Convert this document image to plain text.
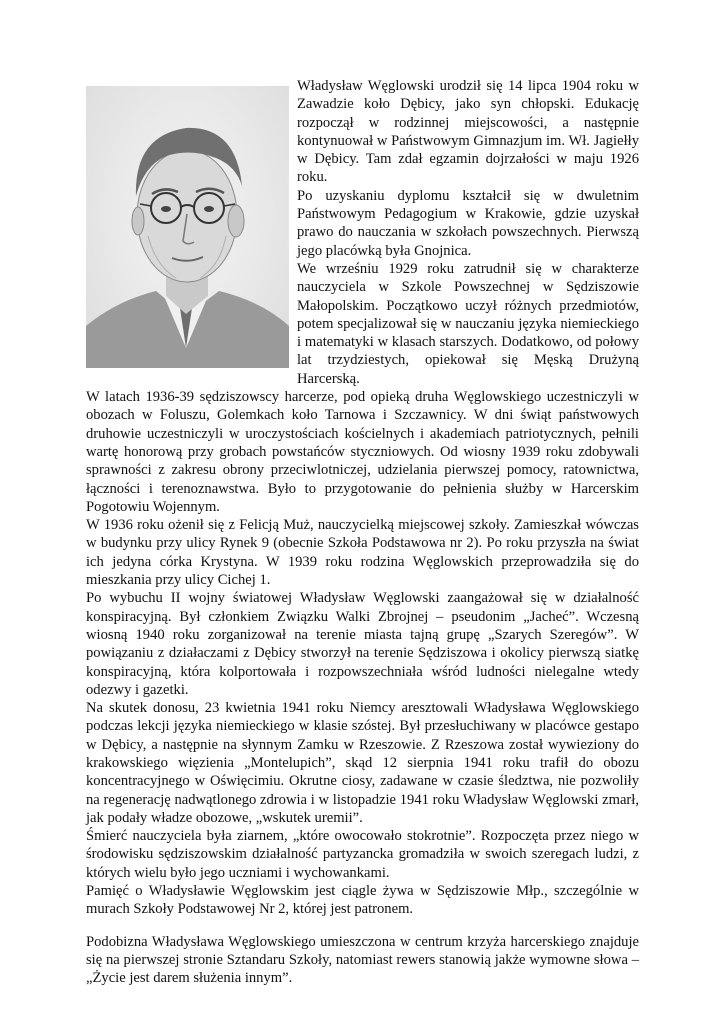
Władysław Węglowski urodził się 14 lipca 1904 roku w Zawadzie koło Dębicy, jako syn chłopski. Edukację rozpoczął w rodzinnej miejscowości, a następnie kontynuował w Państwowym Gimnazjum im. Wł. Jagiełły w Dębicy. Tam zdał egzamin dojrzałości w maju 1926 roku.

Po uzyskaniu dyplomu kształcił się w dwuletnim Państwowym Pedagogium w Krakowie, gdzie uzyskał prawo do nauczania w szkołach powszechnych. Pierwszą jego placówką była Gnojnica.

We wrześniu 1929 roku zatrudnił się w charakterze nauczyciela w Szkole Powszechnej w Sędziszowie Małopolskim. Początkowo uczył różnych przedmiotów, potem specjalizował się w nauczaniu języka niemieckiego i matematyki w klasach starszych. Dodatkowo, od połowy lat trzydziestych, opiekował się Męską Drużyną Harcerską.

W latach 1936-39 sędziszowscy harcerze, pod opieką druha Węglowskiego uczestniczyli w obozach w Foluszu, Golemkach koło Tarnowa i Szczawnicy. W dni świąt państwowych druhowie uczestniczyli w uroczystościach kościelnych i akademiach patriotycznych, pełnili wartę honorową przy grobach powstańców styczniowych. Od wiosny 1939 roku zdobywali sprawności z zakresu obrony przeciwlotniczej, udzielania pierwszej pomocy, ratownictwa, łączności i terenoznawstwa. Było to przygotowanie do pełnienia służby w Harcerskim Pogotowiu Wojennym.

W 1936 roku ożenił się z Felicją Muż, nauczycielką miejscowej szkoły. Zamieszkał wówczas w budynku przy ulicy Rynek 9 (obecnie Szkoła Podstawowa nr 2). Po roku przyszła na świat ich jedyna córka Krystyna. W 1939 roku rodzina Węglowskich przeprowadziła się do mieszkania przy ulicy Cichej 1.

Po wybuchu II wojny światowej Władysław Węglowski zaangażował się w działalność konspiracyjną. Był członkiem Związku Walki Zbrojnej – pseudonim „Jacheć”. Wczesną wiosną 1940 roku zorganizował na terenie miasta tajną grupę „Szarych Szeregów”. W powiązaniu z działaczami z Dębicy stworzył na terenie Sędziszowa i okolicy pierwszą siatkę konspiracyjną, która kolportowała i rozpowszechniała wśród ludności nielegalne wtedy odezwy i gazetki.

Na skutek donosu, 23 kwietnia 1941 roku Niemcy aresztowali Władysława Węglowskiego podczas lekcji języka niemieckiego w klasie szóstej. Był przesłuchiwany w placówce gestapo w Dębicy, a następnie na słynnym Zamku w Rzeszowie. Z Rzeszowa został wywieziony do krakowskiego więzienia „Montelupich”, skąd 12 sierpnia 1941 roku trafił do obozu koncentracyjnego w Oświęcimiu. Okrutne ciosy, zadawane w czasie śledztwa, nie pozwoliły na regenerację nadwątlonego zdrowia i w listopadzie 1941 roku Władysław Węglowski zmarł, jak podały władze obozowe, „wskutek uremii”.

Śmierć nauczyciela była ziarnem, „które owocowało stokrotnie”. Rozpoczęta przez niego w środowisku sędziszowskim działalność partyzancka gromadziła w swoich szeregach ludzi, z których wielu było jego uczniami i wychowankami.

Pamięć o Władysławie Węglowskim jest ciągle żywa w Sędziszowie Młp., szczególnie w murach Szkoły Podstawowej Nr 2, której jest patronem.

Podobizna Władysława Węglowskiego umieszczona w centrum krzyża harcerskiego znajduje się na pierwszej stronie Sztandaru Szkoły, natomiast rewers stanowią jakże wymowne słowa – „Życie jest darem służenia innym”.
